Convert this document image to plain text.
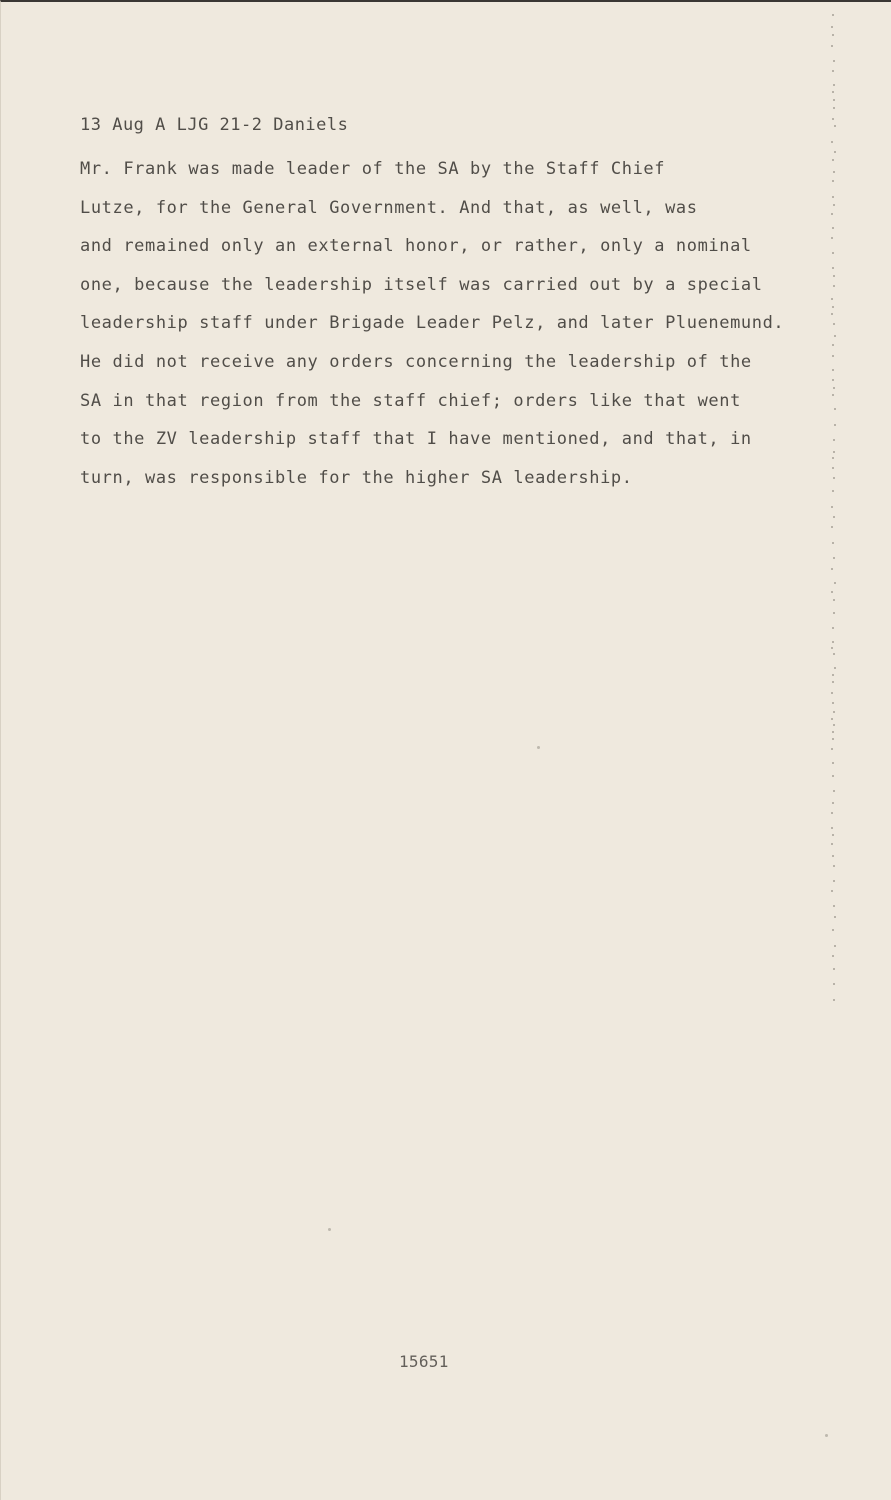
13 Aug A LJG 21-2 Daniels
Mr. Frank was made leader of the SA by the Staff Chief
Lutze, for the General Government. And that, as well, was
and remained only an external honor, or rather, only a nominal
one, because the leadership itself was carried out by a special
leadership staff under Brigade Leader Pelz, and later Pluenemund.
He did not receive any orders concerning the leadership of the
SA in that region from the staff chief; orders like that went
to the ZV leadership staff that I have mentioned, and that, in
turn, was responsible for the higher SA leadership.
15651
